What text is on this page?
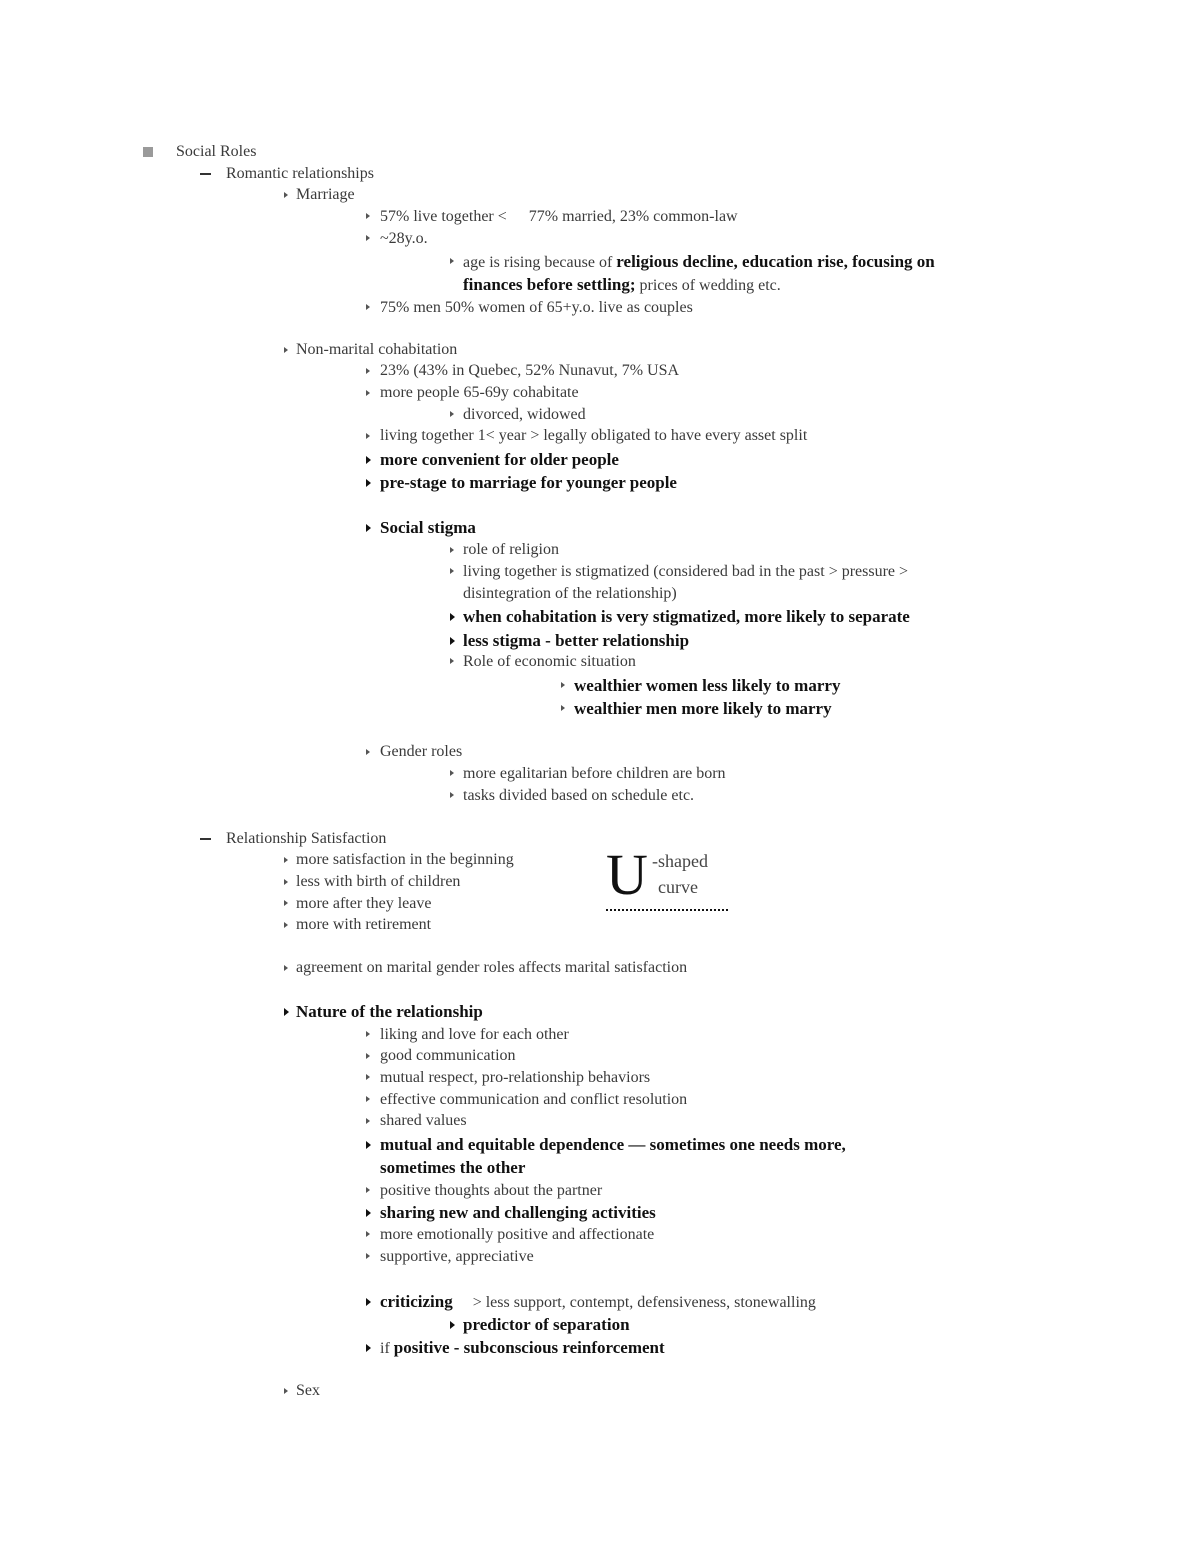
Social Roles
Romantic relationships
Marriage
57% live together < 77% married, 23% common-law
~28y.o.
age is rising because of religious decline, education rise, focusing on
finances before settling; prices of wedding etc.
75% men 50% women of 65+y.o. live as couples
Non-marital cohabitation
23% (43% in Quebec, 52% Nunavut, 7% USA
more people 65-69y cohabitate
divorced, widowed
living together 1< year > legally obligated to have every asset split
more convenient for older people
pre-stage to marriage for younger people
Social stigma
role of religion
living together is stigmatized (considered bad in the past > pressure >
disintegration of the relationship)
when cohabitation is very stigmatized, more likely to separate
less stigma - better relationship
Role of economic situation
wealthier women less likely to marry
wealthier men more likely to marry
Gender roles
more egalitarian before children are born
tasks divided based on schedule etc.
Relationship Satisfaction
more satisfaction in the beginning
less with birth of children
more after they leave
more with retirement
U -shaped
curve
agreement on marital gender roles affects marital satisfaction
Nature of the relationship
liking and love for each other
good communication
mutual respect, pro-relationship behaviors
effective communication and conflict resolution
shared values
mutual and equitable dependence — sometimes one needs more,
sometimes the other
positive thoughts about the partner
sharing new and challenging activities
more emotionally positive and affectionate
supportive, appreciative
criticizing     > less support, contempt, defensiveness, stonewalling
predictor of separation
if positive - subconscious reinforcement
Sex
